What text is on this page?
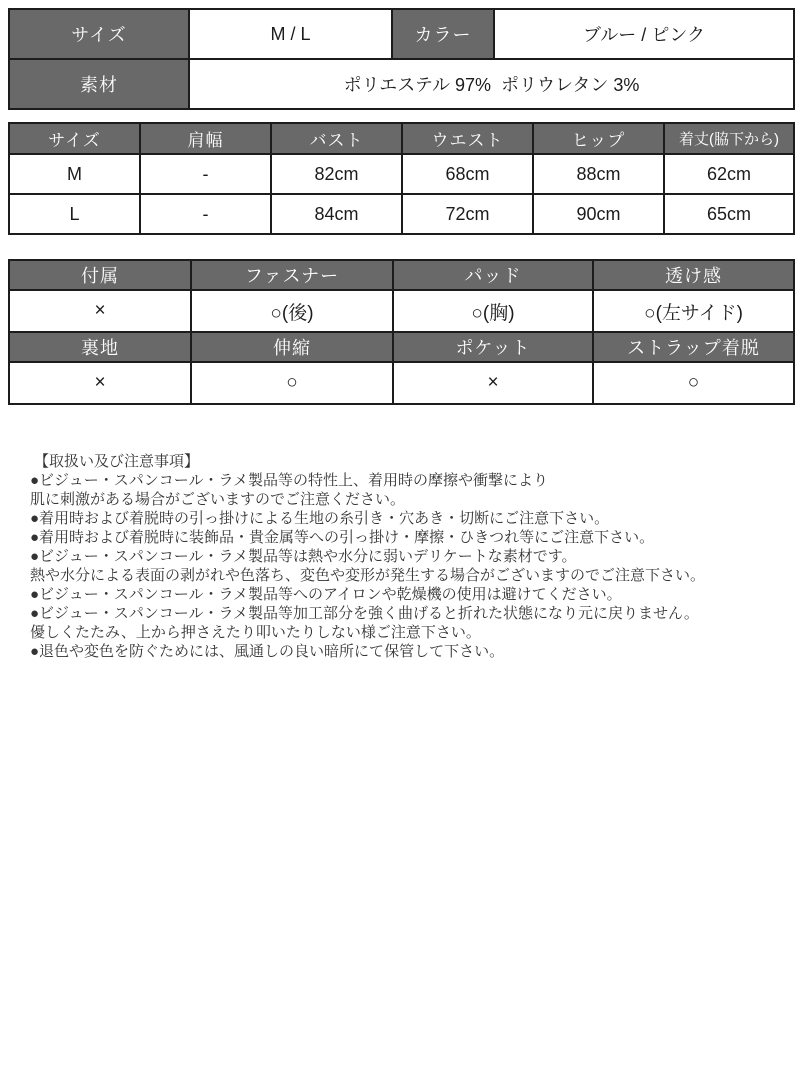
サイズ	M / L	カラー	ブルー / ピンク
素材	ポリエステル 97%  ポリウレタン 3%		
サイズ	肩幅	バスト	ウエスト	ヒップ	着丈(脇下から)
M	-	82cm	68cm	88cm	62cm
L	-	84cm	72cm	90cm	65cm
付属	ファスナー	パッド	透け感
×	○(後)	○(胸)	○(左サイド)
裏地	伸縮	ポケット	ストラップ着脱
×	○	×	○
【取扱い及び注意事項】
●ビジュー・スパンコール・ラメ製品等の特性上、着用時の摩擦や衝撃により
肌に刺激がある場合がございますのでご注意ください。
●着用時および着脱時の引っ掛けによる生地の糸引き・穴あき・切断にご注意下さい。
●着用時および着脱時に装飾品・貴金属等への引っ掛け・摩擦・ひきつれ等にご注意下さい。
●ビジュー・スパンコール・ラメ製品等は熱や水分に弱いデリケートな素材です。
熱や水分による表面の剥がれや色落ち、変色や変形が発生する場合がございますのでご注意下さい。
●ビジュー・スパンコール・ラメ製品等へのアイロンや乾燥機の使用は避けてください。
●ビジュー・スパンコール・ラメ製品等加工部分を強く曲げると折れた状態になり元に戻りません。
優しくたたみ、上から押さえたり叩いたりしない様ご注意下さい。
●退色や変色を防ぐためには、風通しの良い暗所にて保管して下さい。
